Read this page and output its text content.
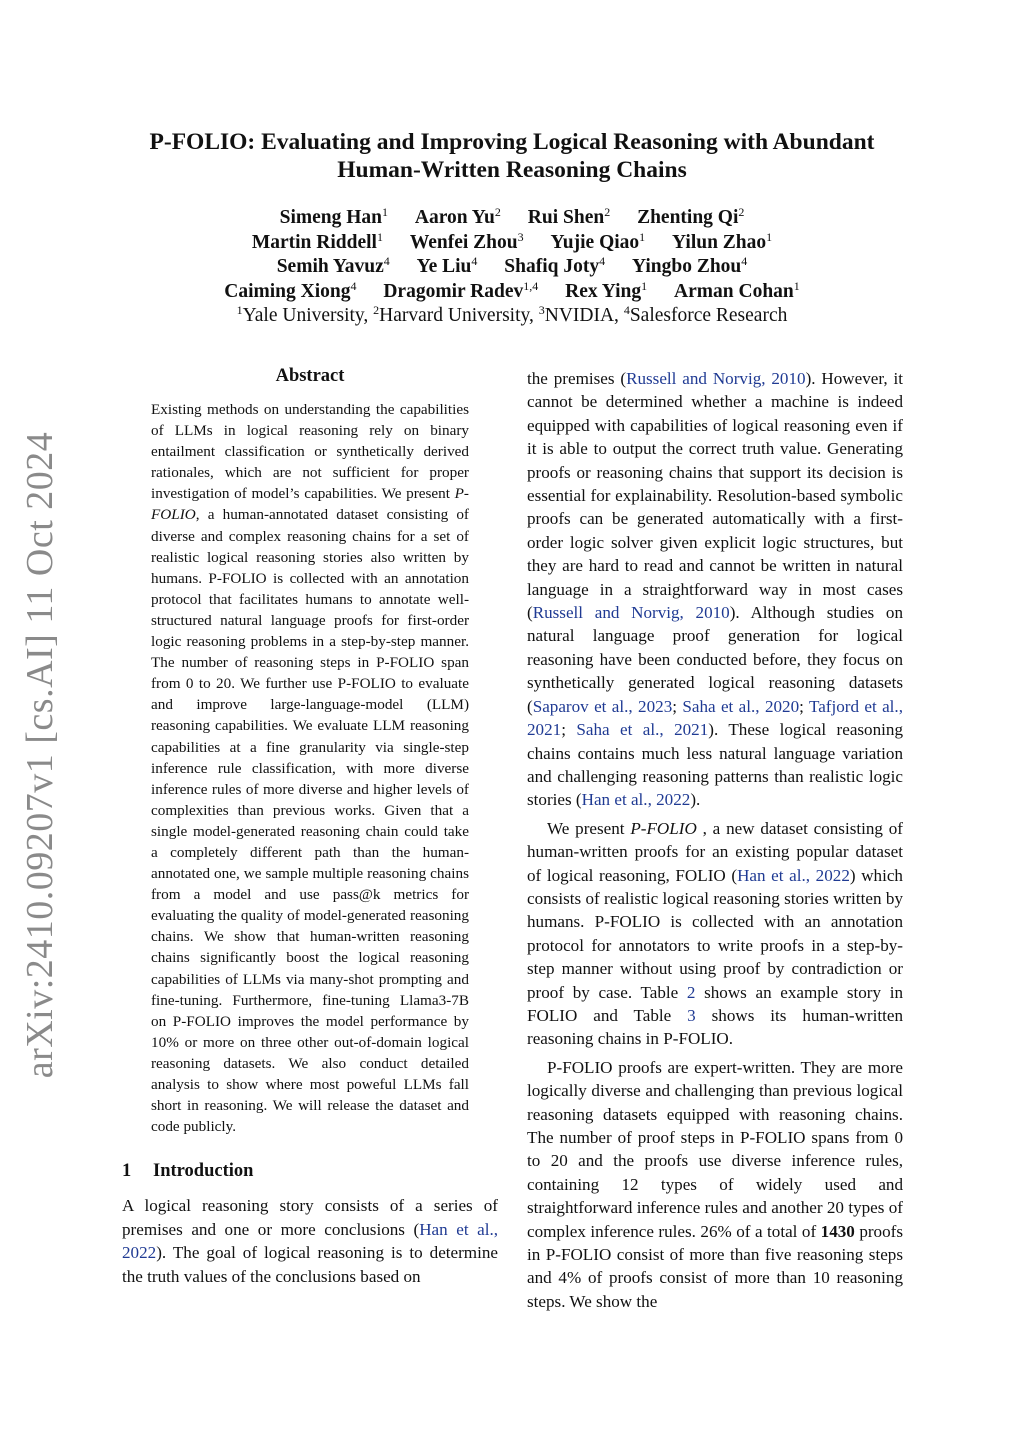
arXiv:2410.09207v1 [cs.AI] 11 Oct 2024
P-FOLIO: Evaluating and Improving Logical Reasoning with Abundant
Human-Written Reasoning Chains
Simeng Han$^1$ Aaron Yu$^2$ Rui Shen$^2$ Zhenting Qi$^2$
Martin Riddell$^1$ Wenfei Zhou$^3$ Yujie Qiao$^1$ Yilun Zhao$^1$
Semih Yavuz$^4$ Ye Liu$^4$ Shafiq Joty$^4$ Yingbo Zhou$^4$
Caiming Xiong$^4$ Dragomir Radev$^{1,4}$ Rex Ying$^1$ Arman Cohan$^1$
$^1$Yale University, $^2$Harvard University, $^3$NVIDIA, $^4$Salesforce Research
Abstract

Existing methods on understanding the capabilities of LLMs in logical reasoning rely on binary entailment classification or synthetically derived rationales, which are not sufficient for proper investigation of model’s capabilities. We present P-FOLIO, a human-annotated dataset consisting of diverse and complex reasoning chains for a set of realistic logical reasoning stories also written by humans. P-FOLIO is collected with an annotation protocol that facilitates humans to annotate well-structured natural language proofs for first-order logic reasoning problems in a step-by-step manner. The number of reasoning steps in P-FOLIO span from 0 to 20. We further use P-FOLIO to evaluate and improve large-language-model (LLM) reasoning capabilities. We evaluate LLM reasoning capabilities at a fine granularity via single-step inference rule classification, with more diverse inference rules of more diverse and higher levels of complexities than previous works. Given that a single model-generated reasoning chain could take a completely different path than the human-annotated one, we sample multiple reasoning chains from a model and use pass@k metrics for evaluating the quality of model-generated reasoning chains. We show that human-written reasoning chains significantly boost the logical reasoning capabilities of LLMs via many-shot prompting and fine-tuning. Furthermore, fine-tuning Llama3-7B on P-FOLIO improves the model performance by 10% or more on three other out-of-domain logical reasoning datasets. We also conduct detailed analysis to show where most poweful LLMs fall short in reasoning. We will release the dataset and code publicly.

1 Introduction

A logical reasoning story consists of a series of premises and one or more conclusions (Han et al., 2022). The goal of logical reasoning is to determine the truth values of the conclusions based on

the premises (Russell and Norvig, 2010). However, it cannot be determined whether a machine is indeed equipped with capabilities of logical reasoning even if it is able to output the correct truth value. Generating proofs or reasoning chains that support its decision is essential for explainability. Resolution-based symbolic proofs can be generated automatically with a first-order logic solver given explicit logic structures, but they are hard to read and cannot be written in natural language in a straightforward way in most cases (Russell and Norvig, 2010). Although studies on natural language proof generation for logical reasoning have been conducted before, they focus on synthetically generated logical reasoning datasets (Saparov et al., 2023; Saha et al., 2020; Tafjord et al., 2021; Saha et al., 2021). These logical reasoning chains contains much less natural language variation and challenging reasoning patterns than realistic logic stories (Han et al., 2022).

We present P-FOLIO , a new dataset consisting of human-written proofs for an existing popular dataset of logical reasoning, FOLIO (Han et al., 2022) which consists of realistic logical reasoning stories written by humans. P-FOLIO is collected with an annotation protocol for annotators to write proofs in a step-by-step manner without using proof by contradiction or proof by case. Table 2 shows an example story in FOLIO and Table 3 shows its human-written reasoning chains in P-FOLIO.

P-FOLIO proofs are expert-written. They are more logically diverse and challenging than previous logical reasoning datasets equipped with reasoning chains. The number of proof steps in P-FOLIO spans from 0 to 20 and the proofs use diverse inference rules, containing 12 types of widely used and straightforward inference rules and another 20 types of complex inference rules. 26% of a total of 1430 proofs in P-FOLIO consist of more than five reasoning steps and 4% of proofs consist of more than 10 reasoning steps. We show the
